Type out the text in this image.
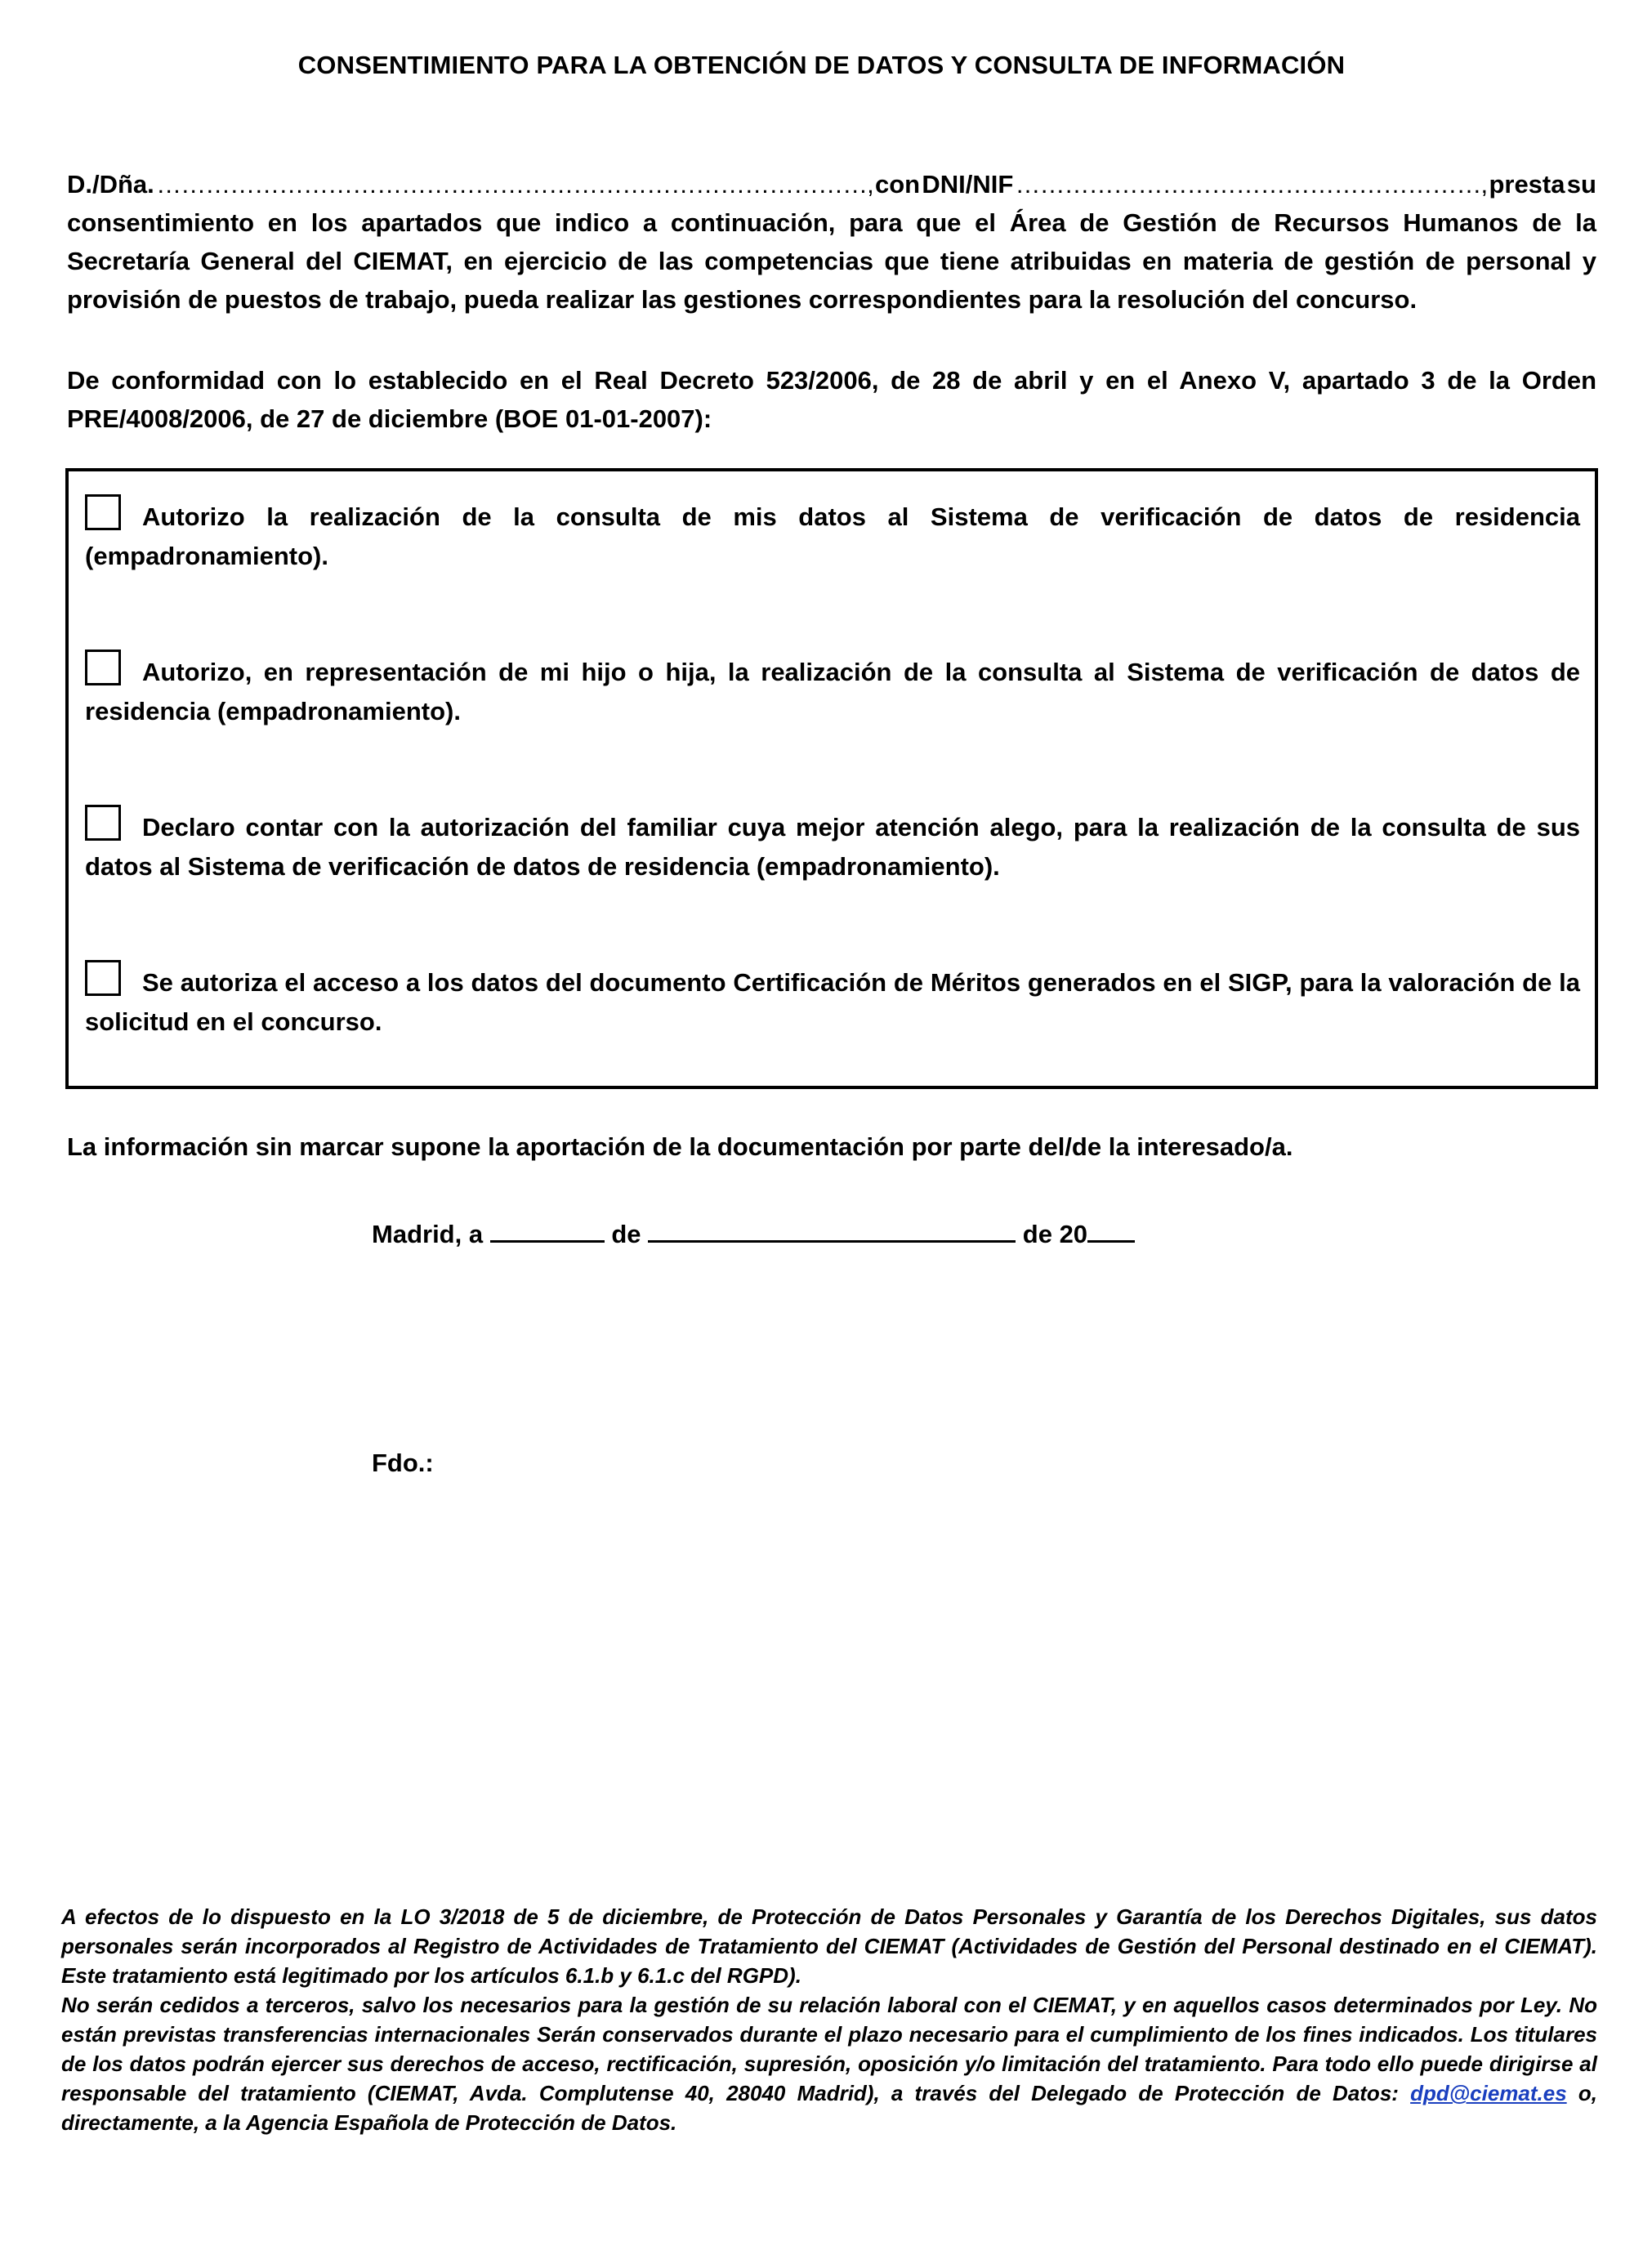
CONSENTIMIENTO PARA LA OBTENCIÓN DE DATOS Y CONSULTA DE INFORMACIÓN
D./Dña. ……………………………………………………………………………, con DNI/NIF …………………………………………………, presta su
consentimiento en los apartados que indico a continuación, para que el Área de Gestión de Recursos Humanos de la Secretaría General del CIEMAT, en ejercicio de las competencias que tiene atribuidas en materia de gestión de personal y provisión de puestos de trabajo, pueda realizar las gestiones correspondientes para la resolución del concurso.
De conformidad con lo establecido en el Real Decreto 523/2006, de 28 de abril y en el Anexo V, apartado 3 de la Orden PRE/4008/2006, de 27 de diciembre (BOE 01-01-2007):
Autorizo la realización de la consulta de mis datos al Sistema de verificación de datos de residencia (empadronamiento).
Autorizo, en representación de mi hijo o hija, la realización de la consulta al Sistema de verificación de datos de residencia (empadronamiento).
Declaro contar con la autorización del familiar cuya mejor atención alego, para la realización de la consulta de sus datos al Sistema de verificación de datos de residencia (empadronamiento).
Se autoriza el acceso a los datos del documento Certificación de Méritos generados en el SIGP, para la valoración de la solicitud en el concurso.
La información sin marcar supone la aportación de la documentación por parte del/de la interesado/a.
Madrid, a	de	de 20
Fdo.:

A efectos de lo dispuesto en la LO 3/2018 de 5 de diciembre, de Protección de Datos Personales y Garantía de los Derechos Digitales, sus datos personales serán incorporados al Registro de Actividades de Tratamiento del CIEMAT (Actividades de Gestión del Personal destinado en el CIEMAT). Este tratamiento está legitimado por los artículos 6.1.b y 6.1.c del RGPD).

No serán cedidos a terceros, salvo los necesarios para la gestión de su relación laboral con el CIEMAT, y en aquellos casos determinados por Ley. No están previstas transferencias internacionales Serán conservados durante el plazo necesario para el cumplimiento de los fines indicados. Los titulares de los datos podrán ejercer sus derechos de acceso, rectificación, supresión, oposición y/o limitación del tratamiento. Para todo ello puede dirigirse al responsable del tratamiento (CIEMAT, Avda. Complutense 40, 28040 Madrid), a través del Delegado de Protección de Datos: dpd@ciemat.es o, directamente, a la Agencia Española de Protección de Datos.
